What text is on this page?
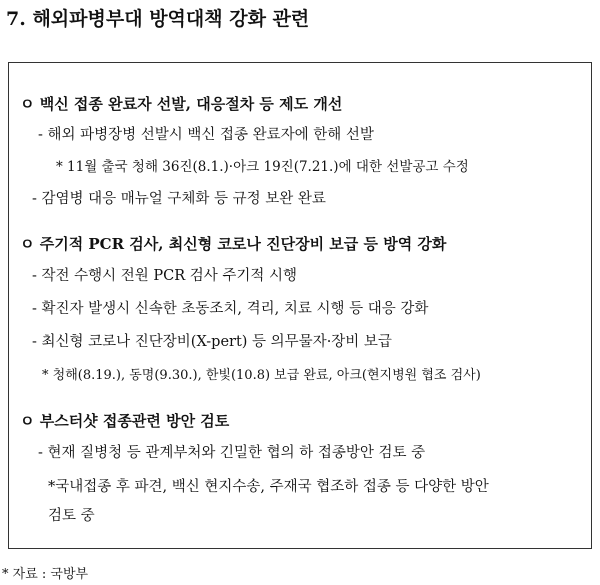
7. 해외파병부대 방역대책 강화 관련
ㅇ 백신 접종 완료자 선발, 대응절차 등 제도 개선
- 해외 파병장병 선발시 백신 접종 완료자에 한해 선발
* 11월 출국 청해 36진(8.1.)·아크 19진(7.21.)에 대한 선발공고 수정
- 감염병 대응 매뉴얼 구체화 등 규정 보완 완료
ㅇ 주기적 PCR 검사, 최신형 코로나 진단장비 보급 등 방역 강화
- 작전 수행시 전원 PCR 검사 주기적 시행
- 확진자 발생시 신속한 초동조치, 격리, 치료 시행 등 대응 강화
- 최신형 코로나 진단장비(X-pert) 등 의무물자·장비 보급
* 청해(8.19.), 동명(9.30.), 한빛(10.8) 보급 완료, 아크(현지병원 협조 검사)
ㅇ 부스터샷 접종관련 방안 검토
- 현재 질병청 등 관계부처와 긴밀한 협의 하 접종방안 검토 중
*국내접종 후 파견, 백신 현지수송, 주재국 협조하 접종 등 다양한 방안
검토 중
* 자료 : 국방부
